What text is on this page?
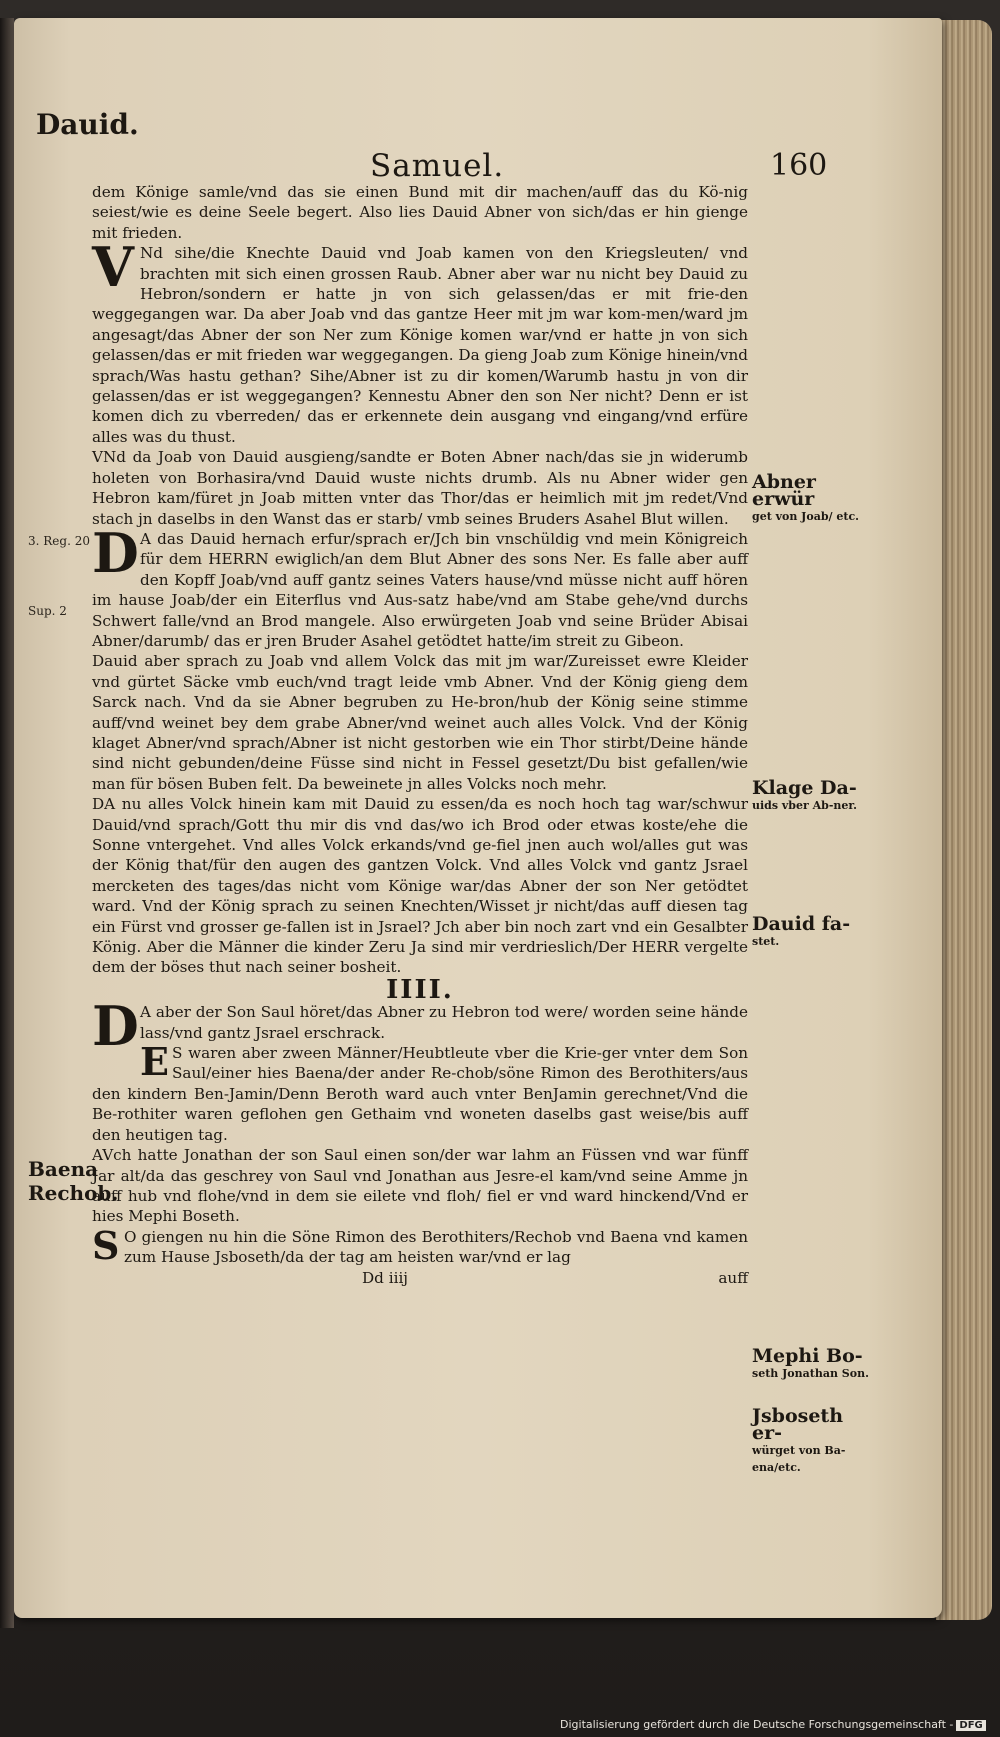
Dauid.
Samuel.	160

dem Könige samle/vnd das sie einen Bund mit dir machen/auff das du Kö-nig seiest/wie es deine Seele begert. Also lies Dauid Abner von sich/das er hin gienge mit frieden.

V Nd sihe/die Knechte Dauid vnd Joab kamen von den Kriegsleuten/ vnd brachten mit sich einen grossen Raub. Abner aber war nu nicht bey Dauid zu Hebron/sondern er hatte jn von sich gelassen/das er mit frie-den weggegangen war. Da aber Joab vnd das gantze Heer mit jm war kom-men/ward jm angesagt/das Abner der son Ner zum Könige komen war/vnd er hatte jn von sich gelassen/das er mit frieden war weggegangen. Da gieng Joab zum Könige hinein/vnd sprach/Was hastu gethan? Sihe/Abner ist zu dir komen/Warumb hastu jn von dir gelassen/das er ist weggegangen? Kennestu Abner den son Ner nicht? Denn er ist komen dich zu vberreden/ das er erkennete dein ausgang vnd eingang/vnd erfüre alles was du thust.

VNd da Joab von Dauid ausgieng/sandte er Boten Abner nach/das sie jn widerumb holeten von Borhasira/vnd Dauid wuste nichts drumb. Als nu Abner wider gen Hebron kam/füret jn Joab mitten vnter das Thor/das er heimlich mit jm redet/Vnd stach jn daselbs in den Wanst das er starb/ vmb seines Bruders Asahel Blut willen.

D A das Dauid hernach erfur/sprach er/Jch bin vnschüldig vnd mein Königreich für dem HERRN ewiglich/an dem Blut Abner des sons Ner. Es falle aber auff den Kopff Joab/vnd auff gantz seines Vaters hause/vnd müsse nicht auff hören im hause Joab/der ein Eiterflus vnd Aus-satz habe/vnd am Stabe gehe/vnd durchs Schwert falle/vnd an Brod mangele. Also erwürgeten Joab vnd seine Brüder Abisai Abner/darumb/ das er jren Bruder Asahel getödtet hatte/im streit zu Gibeon.

Dauid aber sprach zu Joab vnd allem Volck das mit jm war/Zureisset ewre Kleider vnd gürtet Säcke vmb euch/vnd tragt leide vmb Abner. Vnd der König gieng dem Sarck nach. Vnd da sie Abner begruben zu He-bron/hub der König seine stimme auff/vnd weinet bey dem grabe Abner/vnd weinet auch alles Volck. Vnd der König klaget Abner/vnd sprach/Abner ist nicht gestorben wie ein Thor stirbt/Deine hände sind nicht gebunden/deine Füsse sind nicht in Fessel gesetzt/Du bist gefallen/wie man für bösen Buben felt. Da beweinete jn alles Volcks noch mehr.

DA nu alles Volck hinein kam mit Dauid zu essen/da es noch hoch tag war/schwur Dauid/vnd sprach/Gott thu mir dis vnd das/wo ich Brod oder etwas koste/ehe die Sonne vntergehet. Vnd alles Volck erkands/vnd ge-fiel jnen auch wol/alles gut was der König that/für den augen des gantzen Volck. Vnd alles Volck vnd gantz Jsrael mercketen des tages/das nicht vom Könige war/das Abner der son Ner getödtet ward. Vnd der König sprach zu seinen Knechten/Wisset jr nicht/das auff diesen tag ein Fürst vnd grosser ge-fallen ist in Jsrael? Jch aber bin noch zart vnd ein Gesalbter König. Aber die Männer die kinder Zeru Ja sind mir verdrieslich/Der HERR vergelte dem der böses thut nach seiner bosheit.

IIII.

D A aber der Son Saul höret/das Abner zu Hebron tod were/ worden seine hände lass/vnd gantz Jsrael erschrack.

E S waren aber zween Männer/Heubtleute vber die Krie-ger vnter dem Son Saul/einer hies Baena/der ander Re-chob/söne Rimon des Berothiters/aus den kindern Ben-Jamin/Denn Beroth ward auch vnter BenJamin gerechnet/Vnd die Be-rothiter waren geflohen gen Gethaim vnd woneten daselbs gast weise/bis auff den heutigen tag.

AVch hatte Jonathan der son Saul einen son/der war lahm an Füssen vnd war fünff Jar alt/da das geschrey von Saul vnd Jonathan aus Jesre-el kam/vnd seine Amme jn auff hub vnd flohe/vnd in dem sie eilete vnd floh/ fiel er vnd ward hinckend/Vnd er hies Mephi Boseth.

S O giengen nu hin die Söne Rimon des Berothiters/Rechob vnd Baena vnd kamen zum Hause Jsboseth/da der tag am heisten war/vnd er lag

Dd iiij	auff
Abner erwür
get von Joab/ etc.
Klage Da-
uids vber Ab-ner.
Dauid fa-
stet.
Mephi Bo-
seth Jonathan Son.
Jsboseth er-
würget von Ba-ena/etc.
3. Reg. 20
Sup. 2
Baena
Rechob.
Digitalisierung gefördert durch die Deutsche Forschungsgemeinschaft - DFG
